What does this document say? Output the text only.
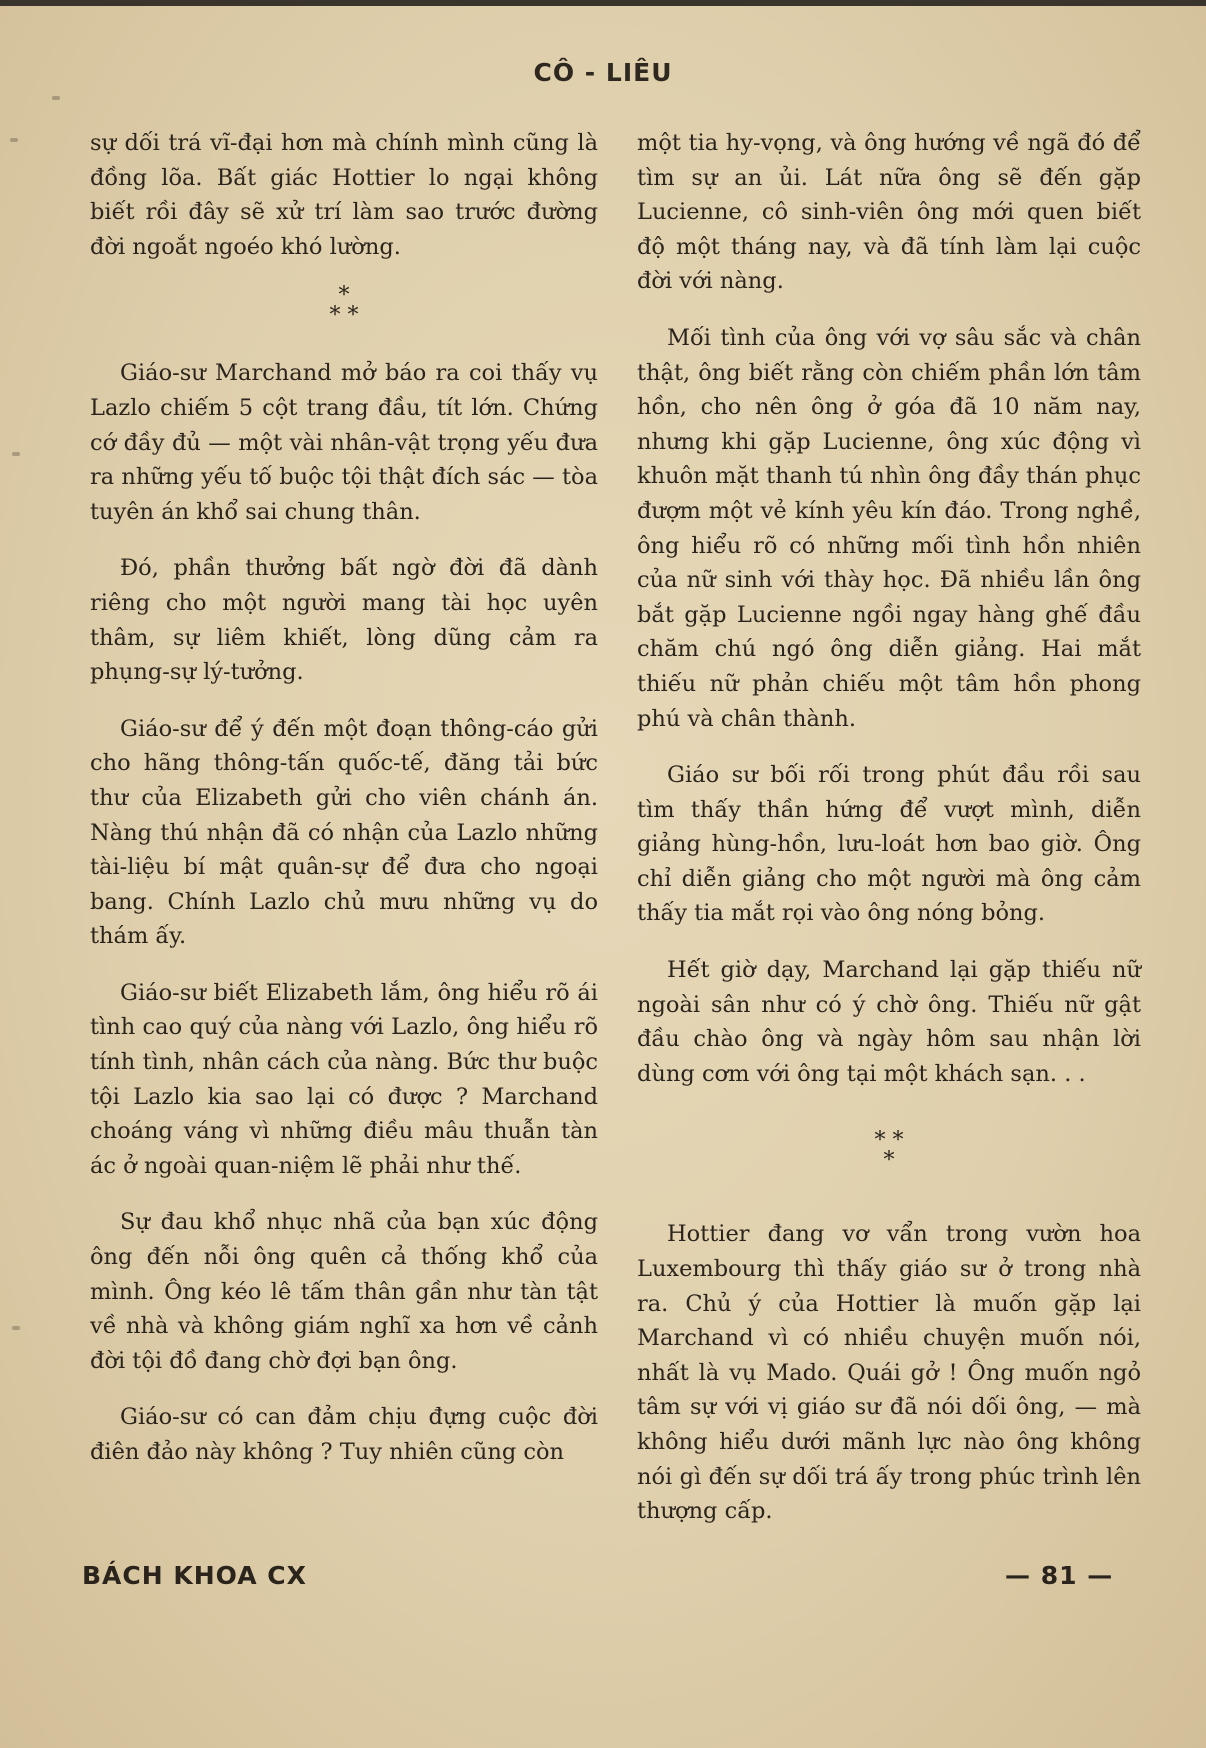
CÔ - LIÊU

sự dối trá vĩ-đại hơn mà chính mình cũng là đồng lõa. Bất giác Hottier lo ngại không biết rồi đây sẽ xử trí làm sao trước đường đời ngoắt ngoéo khó lường.

*
* *

Giáo-sư Marchand mở báo ra coi thấy vụ Lazlo chiếm 5 cột trang đầu, tít lớn. Chứng cớ đầy đủ — một vài nhân-vật trọng yếu đưa ra những yếu tố buộc tội thật đích sác — tòa tuyên án khổ sai chung thân.

Đó, phần thưởng bất ngờ đời đã dành riêng cho một người mang tài học uyên thâm, sự liêm khiết, lòng dũng cảm ra phụng-sự lý-tưởng.

Giáo-sư để ý đến một đoạn thông-cáo gửi cho hãng thông-tấn quốc-tế, đăng tải bức thư của Elizabeth gửi cho viên chánh án. Nàng thú nhận đã có nhận của Lazlo những tài-liệu bí mật quân-sự để đưa cho ngoại bang. Chính Lazlo chủ mưu những vụ do thám ấy.

Giáo-sư biết Elizabeth lắm, ông hiểu rõ ái tình cao quý của nàng với Lazlo, ông hiểu rõ tính tình, nhân cách của nàng. Bức thư buộc tội Lazlo kia sao lại có được ? Marchand choáng váng vì những điều mâu thuẫn tàn ác ở ngoài quan-niệm lẽ phải như thế.

Sự đau khổ nhục nhã của bạn xúc động ông đến nỗi ông quên cả thống khổ của mình. Ông kéo lê tấm thân gần như tàn tật về nhà và không giám nghĩ xa hơn về cảnh đời tội đồ đang chờ đợi bạn ông.

Giáo-sư có can đảm chịu đựng cuộc đời điên đảo này không ? Tuy nhiên cũng còn

một tia hy-vọng, và ông hướng về ngã đó để tìm sự an ủi. Lát nữa ông sẽ đến gặp Lucienne, cô sinh-viên ông mới quen biết độ một tháng nay, và đã tính làm lại cuộc đời với nàng.

Mối tình của ông với vợ sâu sắc và chân thật, ông biết rằng còn chiếm phần lớn tâm hồn, cho nên ông ở góa đã 10 năm nay, nhưng khi gặp Lucienne, ông xúc động vì khuôn mặt thanh tú nhìn ông đầy thán phục đượm một vẻ kính yêu kín đáo. Trong nghề, ông hiểu rõ có những mối tình hồn nhiên của nữ sinh với thày học. Đã nhiều lần ông bắt gặp Lucienne ngồi ngay hàng ghế đầu chăm chú ngó ông diễn giảng. Hai mắt thiếu nữ phản chiếu một tâm hồn phong phú và chân thành.

Giáo sư bối rối trong phút đầu rồi sau tìm thấy thần hứng để vượt mình, diễn giảng hùng-hồn, lưu-loát hơn bao giờ. Ông chỉ diễn giảng cho một người mà ông cảm thấy tia mắt rọi vào ông nóng bỏng.

Hết giờ dạy, Marchand lại gặp thiếu nữ ngoài sân như có ý chờ ông. Thiếu nữ gật đầu chào ông và ngày hôm sau nhận lời dùng cơm với ông tại một khách sạn. . .

* *
*

Hottier đang vơ vẩn trong vườn hoa Luxembourg thì thấy giáo sư ở trong nhà ra. Chủ ý của Hottier là muốn gặp lại Marchand vì có nhiều chuyện muốn nói, nhất là vụ Mado. Quái gở ! Ông muốn ngỏ tâm sự với vị giáo sư đã nói dối ông, — mà không hiểu dưới mãnh lực nào ông không nói gì đến sự dối trá ấy trong phúc trình lên thượng cấp.

BÁCH KHOA CX	— 81 —
